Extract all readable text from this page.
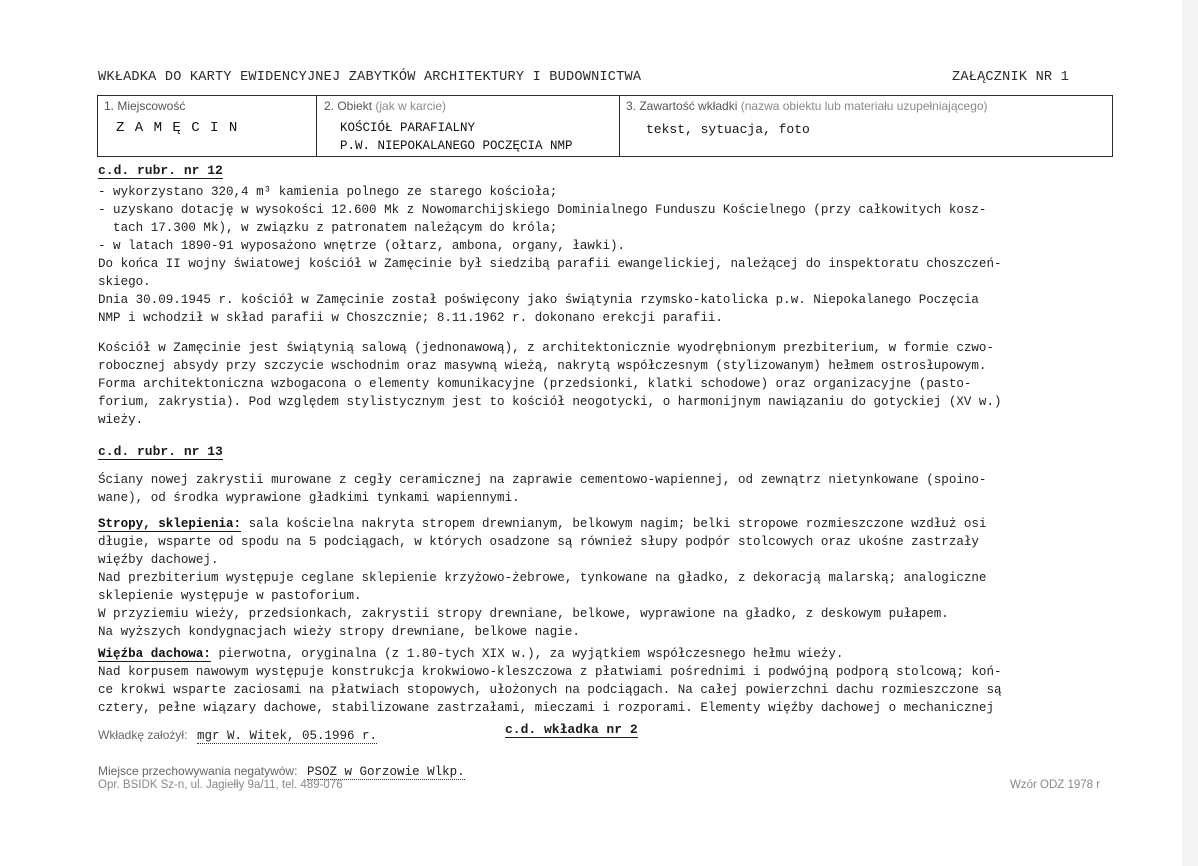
WKŁADKA DO KARTY EWIDENCYJNEJ ZABYTKÓW ARCHITEKTURY I BUDOWNICTWA	ZAŁĄCZNIK NR 1
1. Miejscowość
Z A M Ę C I N
2. Obiekt (jak w karcie)
KOŚCIÓŁ PARAFIALNY
P.W. NIEPOKALANEGO POCZĘCIA NMP
3. Zawartość wkładki (nazwa obiektu lub materiału uzupełniającego)
tekst, sytuacja, foto
c.d. rubr. nr 12

- wykorzystano 320,4 m³ kamienia polnego ze starego kościoła;

- uzyskano dotację w wysokości 12.600 Mk z Nowomarchijskiego Dominialnego Funduszu Kościelnego (przy całkowitych kosz-

tach 17.300 Mk), w związku z patronatem należącym do króla;

- w latach 1890-91 wyposażono wnętrze (ołtarz, ambona, organy, ławki).

Do końca II wojny światowej kościół w Zamęcinie był siedzibą parafii ewangelickiej, należącej do inspektoratu choszczeń-

skiego.

Dnia 30.09.1945 r. kościół w Zamęcinie został poświęcony jako świątynia rzymsko-katolicka p.w. Niepokalanego Poczęcia

NMP i wchodził w skład parafii w Choszcznie; 8.11.1962 r. dokonano erekcji parafii.

Kościół w Zamęcinie jest świątynią salową (jednonawową), z architektonicznie wyodrębnionym prezbiterium, w formie czwo-

robocznej absydy przy szczycie wschodnim oraz masywną wieżą, nakrytą współczesnym (stylizowanym) hełmem ostrosłupowym.

Forma architektoniczna wzbogacona o elementy komunikacyjne (przedsionki, klatki schodowe) oraz organizacyjne (pasto-

forium, zakrystia). Pod względem stylistycznym jest to kościół neogotycki, o harmonijnym nawiązaniu do gotyckiej (XV w.)

wieży.

c.d. rubr. nr 13

Ściany nowej zakrystii murowane z cegły ceramicznej na zaprawie cementowo-wapiennej, od zewnątrz nietynkowane (spoino-

wane), od środka wyprawione gładkimi tynkami wapiennymi.

Stropy, sklepienia: sala kościelna nakryta stropem drewnianym, belkowym nagim; belki stropowe rozmieszczone wzdłuż osi

długie, wsparte od spodu na 5 podciągach, w których osadzone są również słupy podpór stolcowych oraz ukośne zastrzały

więźby dachowej.

Nad prezbiterium występuje ceglane sklepienie krzyżowo-żebrowe, tynkowane na gładko, z dekoracją malarską; analogiczne

sklepienie występuje w pastoforium.

W przyziemiu wieży, przedsionkach, zakrystii stropy drewniane, belkowe, wyprawione na gładko, z deskowym pułapem.

Na wyższych kondygnacjach wieży stropy drewniane, belkowe nagie.

Więźba dachowa: pierwotna, oryginalna (z 1.80-tych XIX w.), za wyjątkiem współczesnego hełmu wieży.

Nad korpusem nawowym występuje konstrukcja krokwiowo-kleszczowa z płatwiami pośrednimi i podwójną podporą stolcową; koń-

ce krokwi wsparte zaciosami na płatwiach stopowych, ułożonych na podciągach. Na całej powierzchni dachu rozmieszczone są

cztery, pełne wiązary dachowe, stabilizowane zastrzałami, mieczami i rozporami. Elementy więźby dachowej o mechanicznej

Wkładkę założył: mgr W. Witek, 05.1996 r.	c.d. wkładka nr 2
Miejsce przechowywania negatywów: PSOZ w Gorzowie Wlkp.
Opr. BSIDK Sz-n, ul. Jagiełły 9a/11, tel. 489-076	Wzór ODZ 1978 r
